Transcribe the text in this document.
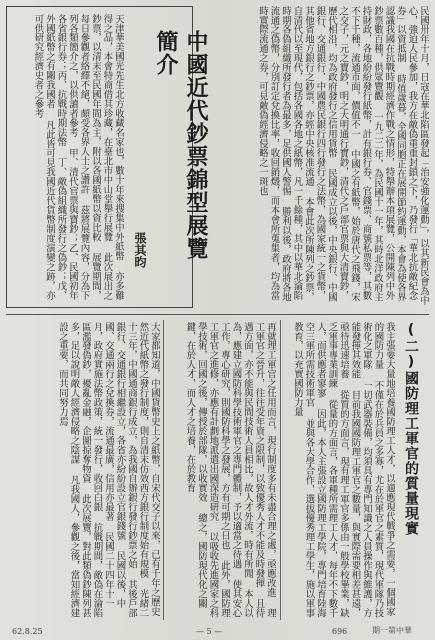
民國卅年十月，日寇在華北陷區發起「治安強化運動」，以其新民會為中心，強迫人民參加，我方在敵偽重重封鎖之下，乃發行「華北抗敵紀念券」以資抵制 時值歲暮，全國同胞正在展開節約運動，本會為使各界認識我國在抗戰時期經濟作戰之情形，特舉辦本項展覽，公開陳列中外鈔票數百種，供眾覽觀 一九二二年，為民國十一年，其時北洋政府主持財政，各地紛紛發行紙幣，計有銀行券、官錢票、商號私票等，其數不下千種，流通市面，價值不一 中國之有紙幣，始於唐代之飛錢，宋之交子，元之寶鈔，明之大明通行寶鈔，清代之戶部官票與大清寶鈔，歷代相沿，均為政府發行之信用貨幣 民國成立以後，中央銀行、中國銀行、交通銀行、中國農民銀行四行發行之法幣，為國家統一之貨幣，其他省地方銀行之鈔票，亦經中央核准流通 本會此次所陳列之鈔票，自清代以至現代，包括各國各地之紙幣，凡一千餘種，其中以華北淪陷時期各偽組織所發行者為最多，足供國人警惕 勝利以後，政府將各地流通之偽幣，分別訂定兌換比率，收回銷燬，而本會所蒐集者，均為當時實際流通之券，可見敵偽經濟侵略之一斑也
中國近代鈔票錦型展覽簡介
張其昀
天津華美國光先生北方收藏名家也，數十年來搜集中外紙幣 亦多難得之品，本會特商借其珍藏，在臺北市中山堂舉行展覽 此次展出之鈔票，以清末至民國年間為主，附以各國紙幣以資比較 展覽期間，每日參觀者絡繹不絕，頗受各界人士之讚許 茲將展覽內容，分為下列各類簡介之，以供讀者參考 甲、清代官票與寶鈔；乙、民國初年各省銀行券；丙、抗戰時期法幣 丁、敵偽組織所發行之偽鈔；戊、外國紙幣之有關我國者 凡此皆可見我國近代貨幣制度演變之跡，亦可供研究經濟史者之參考
(二)國防理工軍官的質量現實
我主張要大量地培養國防理工人才，以適應現代戰爭之需要，一個國家的國防力量 不僅在於兵員之多寡，尤在於軍官之素質，現代軍隊乃技術化之軍隊 一切武器裝備，均須具有專門知識之人員操作與維護，方能發揮其效能 目前我國國防理工軍官之數量，與實際需要相差甚遠，亟待迅速培養 從質的方面言，現有理工軍官多係由一般學校畢業，缺乏軍事專業訓練 從量的方面言，各軍種所需理工人才，每年不下數千人，而供應者寥寥 因此，本人主張設立國防理工學院，專門培育陸海空三軍所需技術軍官 並與各大學合作，選拔優秀理工學生，施以軍事教育，以充實國防力量
再就理工軍官之任用而言，現行制度多有未盡合理之處，亟應改進 理工軍官之晉升，往往受年資之限制，以致優秀人才不能及時發揮 且待遇方面，亦不能與民間技術人員相比，故人才外流，時有所聞 本人以為，應建立國防科學技術軍官之專門體制，予以適當之待遇 使其安心工作，專心研究，則國防科學之發展，方有可期之日也 此外，國防理工軍官之進修，亦應有計劃地派遣出國深造研究 以吸收先進國家之科學技術，回國之後，傳授於部隊，以收實效 總之，國防現代化之關鍵，在於人才，而人才之培養，在於教育
大家都知道，中國貨幣史上之紙幣，自宋代交子以來，已有千年之歷史 然近代紙幣之發行制度，則自清末仿效西方銀行制度始有規模 光緒二十三年，中國通商銀行成立，為我國自辦銀行發行鈔票之始 其後戶部銀行、交通銀行相繼設立，各省亦紛紛設立官銀錢號 民國以後，中國、交通兩行之兌換券，流通最廣，信用亦最著 民國二十四年十一月，政府實施法幣政策，統一發行，收回白銀 抗戰期間，敵偽在淪陷區濫發偽鈔，擾亂金融，企圖掠奪物資 此次展覽，對此類偽鈔陳列甚多，足以說明敵人經濟侵略之陰謀 凡我國人，參觀之後，當知經濟建設之重要，而共同努力焉
62.8.25	— 5 —	696	期一第中華
